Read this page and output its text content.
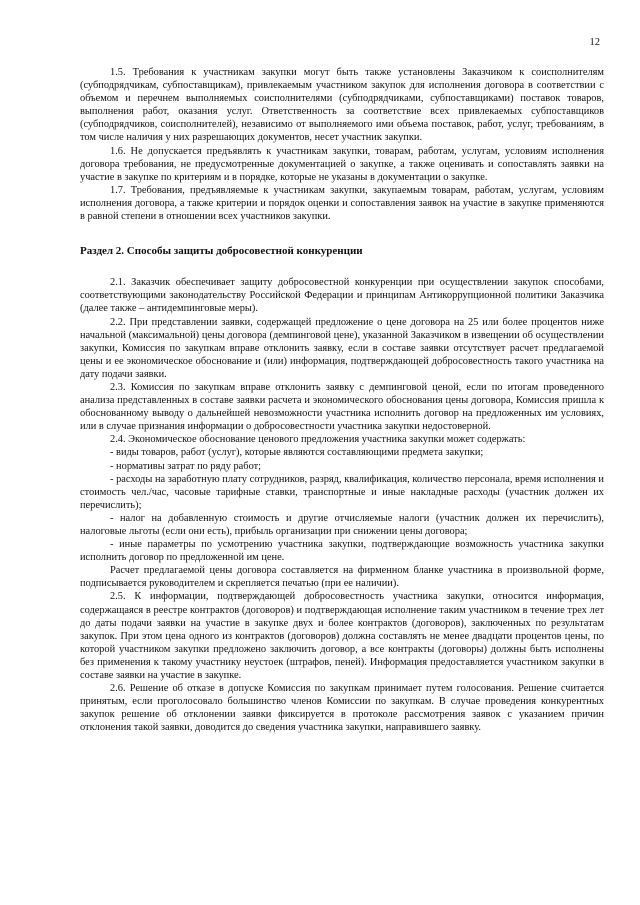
12

1.5. Требования к участникам закупки могут быть также установлены Заказчиком к соисполнителям (субподрядчикам, субпоставщикам), привлекаемым участником закупок для исполнения договора в соответствии с объемом и перечнем выполняемых соисполнителями (субподрядчиками, субпоставщиками) поставок товаров, выполнения работ, оказания услуг. Ответственность за соответствие всех привлекаемых субпоставщиков (субподрядчиков, соисполнителей), независимо от выполняемого ими объема поставок, работ, услуг, требованиям, в том числе наличия у них разрешающих документов, несет участник закупки.

1.6. Не допускается предъявлять к участникам закупки, товарам, работам, услугам, условиям исполнения договора требования, не предусмотренные документацией о закупке, а также оценивать и сопоставлять заявки на участие в закупке по критериям и в порядке, которые не указаны в документации о закупке.

1.7. Требования, предъявляемые к участникам закупки, закупаемым товарам, работам, услугам, условиям исполнения договора, а также критерии и порядок оценки и сопоставления заявок на участие в закупке применяются в равной степени в отношении всех участников закупки.

Раздел 2. Способы защиты добросовестной конкуренции

2.1. Заказчик обеспечивает защиту добросовестной конкуренции при осуществлении закупок способами, соответствующими законодательству Российской Федерации и принципам Антикоррупционной политики Заказчика (далее также – антидемпинговые меры).

2.2. При представлении заявки, содержащей предложение о цене договора на 25 или более процентов ниже начальной (максимальной) цены договора (демпинговой цене), указанной Заказчиком в извещении об осуществлении закупки, Комиссия по закупкам вправе отклонить заявку, если в составе заявки отсутствует расчет предлагаемой цены и ее экономическое обоснование и (или) информация, подтверждающей добросовестность такого участника на дату подачи заявки.

2.3. Комиссия по закупкам вправе отклонить заявку с демпинговой ценой, если по итогам проведенного анализа представленных в составе заявки расчета и экономического обоснования цены договора, Комиссия пришла к обоснованному выводу о дальнейшей невозможности участника исполнить договор на предложенных им условиях, или в случае признания информации о добросовестности участника закупки недостоверной.

2.4. Экономическое обоснование ценового предложения участника закупки может содержать:

- виды товаров, работ (услуг), которые являются составляющими предмета закупки;

- нормативы затрат по ряду работ;

- расходы на заработную плату сотрудников, разряд, квалификация, количество персонала, время исполнения и стоимость чел./час, часовые тарифные ставки, транспортные и иные накладные расходы (участник должен их перечислить);

- налог на добавленную стоимость и другие отчисляемые налоги (участник должен их перечислить), налоговые льготы (если они есть), прибыль организации при снижении цены договора;

- иные параметры по усмотрению участника закупки, подтверждающие возможность участника закупки исполнить договор по предложенной им цене.

Расчет предлагаемой цены договора составляется на фирменном бланке участника в произвольной форме, подписывается руководителем и скрепляется печатью (при ее наличии).

2.5. К информации, подтверждающей добросовестность участника закупки, относится информация, содержащаяся в реестре контрактов (договоров) и подтверждающая исполнение таким участником в течение трех лет до даты подачи заявки на участие в закупке двух и более контрактов (договоров), заключенных по результатам закупок. При этом цена одного из контрактов (договоров) должна составлять не менее двадцати процентов цены, по которой участником закупки предложено заключить договор, а все контракты (договоры) должны быть исполнены без применения к такому участнику неустоек (штрафов, пеней). Информация предоставляется участником закупки в составе заявки на участие в закупке.

2.6. Решение об отказе в допуске Комиссия по закупкам принимает путем голосования. Решение считается принятым, если проголосовало большинство членов Комиссии по закупкам. В случае проведения конкурентных закупок решение об отклонении заявки фиксируется в протоколе рассмотрения заявок с указанием причин отклонения такой заявки, доводится до сведения участника закупки, направившего заявку.
